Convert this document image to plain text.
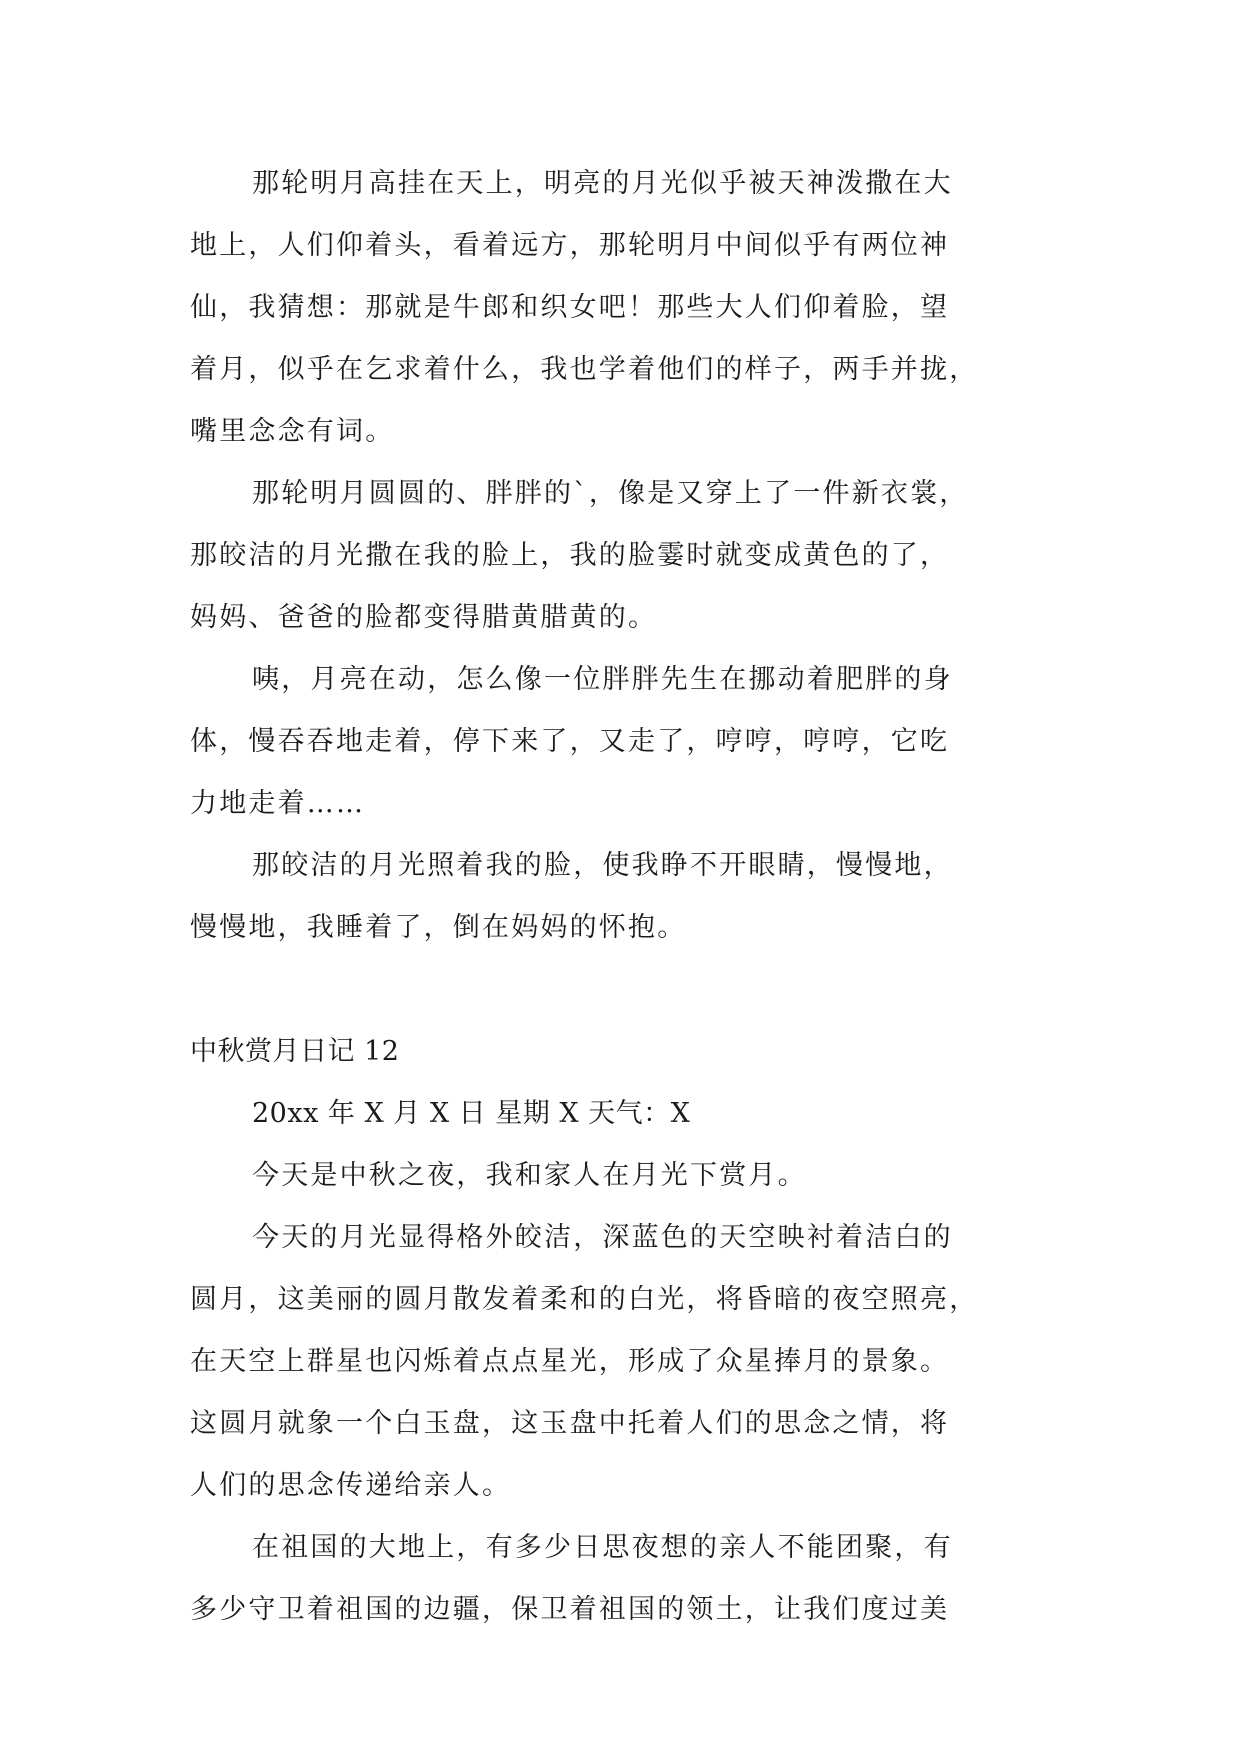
那轮明月高挂在天上，明亮的月光似乎被天神泼撒在大
地上，人们仰着头，看着远方，那轮明月中间似乎有两位神
仙，我猜想：那就是牛郎和织女吧！那些大人们仰着脸，望
着月，似乎在乞求着什么，我也学着他们的样子，两手并拢，
嘴里念念有词。
那轮明月圆圆的、胖胖的`，像是又穿上了一件新衣裳，
那皎洁的月光撒在我的脸上，我的脸霎时就变成黄色的了，
妈妈、爸爸的脸都变得腊黄腊黄的。
咦，月亮在动，怎么像一位胖胖先生在挪动着肥胖的身
体，慢吞吞地走着，停下来了，又走了，哼哼，哼哼，它吃
力地走着……
那皎洁的月光照着我的脸，使我睁不开眼睛，慢慢地，
慢慢地，我睡着了，倒在妈妈的怀抱。
中秋赏月日记 12
20xx 年 X 月 X 日 星期 X 天气：X
今天是中秋之夜，我和家人在月光下赏月。
今天的月光显得格外皎洁，深蓝色的天空映衬着洁白的
圆月，这美丽的圆月散发着柔和的白光，将昏暗的夜空照亮，
在天空上群星也闪烁着点点星光，形成了众星捧月的景象。
这圆月就象一个白玉盘，这玉盘中托着人们的思念之情，将
人们的思念传递给亲人。
在祖国的大地上，有多少日思夜想的亲人不能团聚，有
多少守卫着祖国的边疆，保卫着祖国的领土，让我们度过美
